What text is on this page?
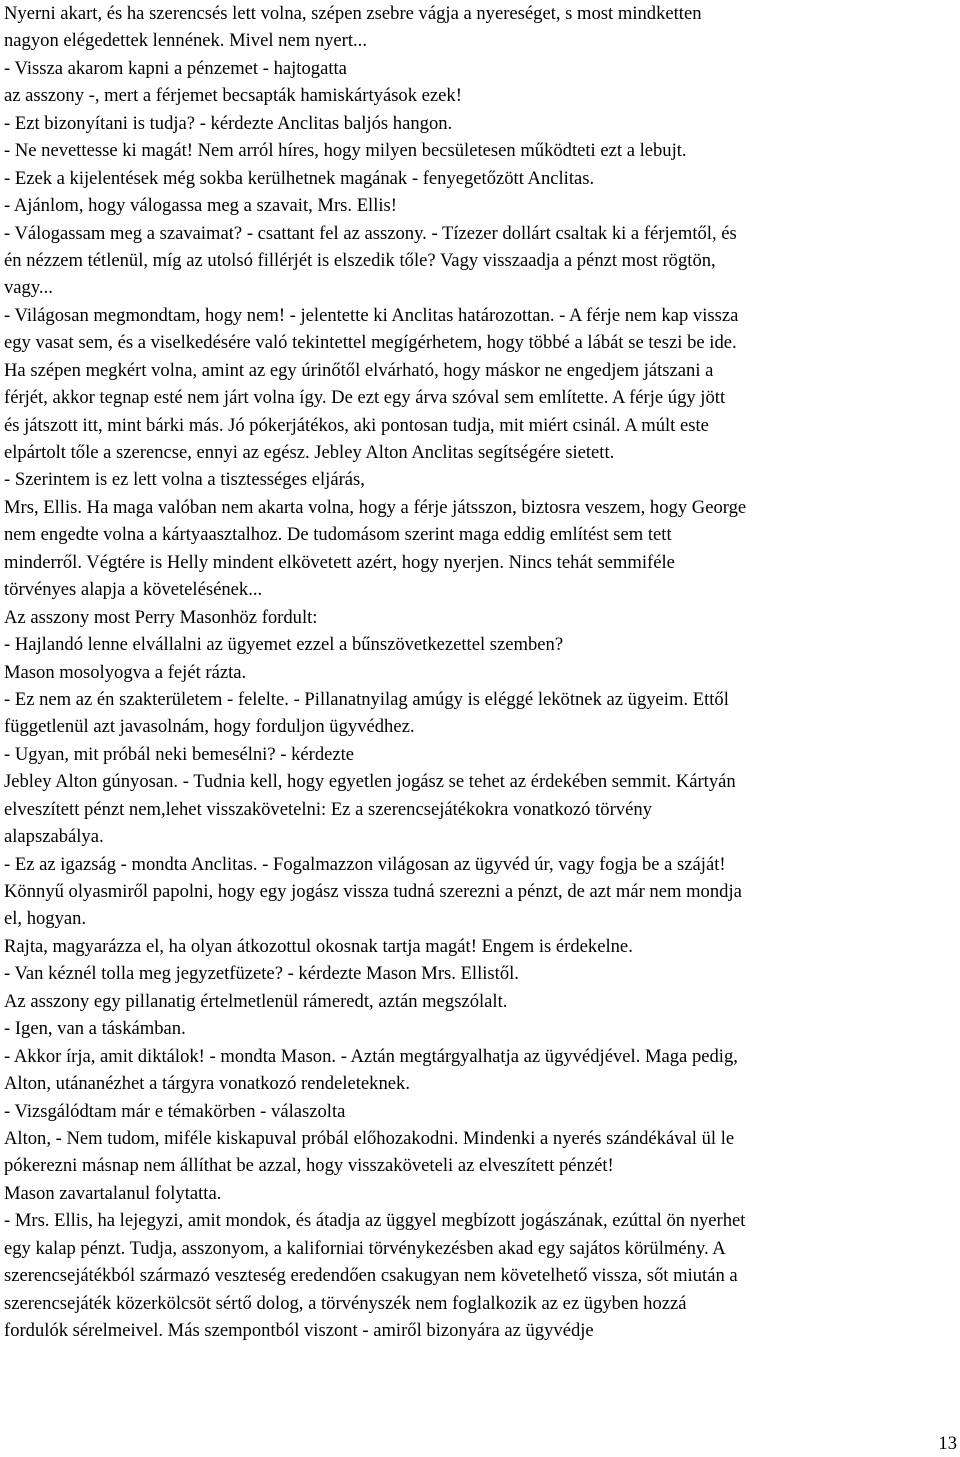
Nyerni akart, és ha szerencsés lett volna, szépen zsebre vágja a nyereséget, s most mindketten
nagyon elégedettek lennének. Mivel nem nyert...
- Vissza akarom kapni a pénzemet - hajtogatta
az asszony -, mert a férjemet becsapták hamiskártyások ezek!
- Ezt bizonyítani is tudja? - kérdezte Anclitas baljós hangon.
- Ne nevettesse ki magát! Nem arról híres, hogy milyen becsületesen működteti ezt a lebujt.
- Ezek a kijelentések még sokba kerülhetnek magának - fenyegetőzött Anclitas.
- Ajánlom, hogy válogassa meg a szavait, Mrs. Ellis!
- Válogassam meg a szavaimat? - csattant fel az asszony. - Tízezer dollárt csaltak ki a férjemtől, és
én nézzem tétlenül, míg az utolsó fillérjét is elszedik tőle? Vagy visszaadja a pénzt most rögtön,
vagy...
- Világosan megmondtam, hogy nem! - jelentette ki Anclitas határozottan. - A férje nem kap vissza
egy vasat sem, és a viselkedésére való tekintettel megígérhetem, hogy többé a lábát se teszi be ide.
Ha szépen megkért volna, amint az egy úrinőtől elvárható, hogy máskor ne engedjem játszani a
férjét, akkor tegnap esté nem járt volna így. De ezt egy árva szóval sem említette. A férje úgy jött
és játszott itt, mint bárki más. Jó pókerjátékos, aki pontosan tudja, mit miért csinál. A múlt este
elpártolt tőle a szerencse, ennyi az egész. Jebley Alton Anclitas segítségére sietett.
- Szerintem is ez lett volna a tisztességes eljárás,
Mrs, Ellis. Ha maga valóban nem akarta volna, hogy a férje játsszon, biztosra veszem, hogy George
nem engedte volna a kártyaasztalhoz. De tudomásom szerint maga eddig említést sem tett
minderről. Végtére is Helly mindent elkövetett azért, hogy nyerjen. Nincs tehát semmiféle
törvényes alapja a követelésének...
Az asszony most Perry Masonhöz fordult:
- Hajlandó lenne elvállalni az ügyemet ezzel a bűnszövetkezettel szemben?
Mason mosolyogva a fejét rázta.
- Ez nem az én szakterületem - felelte. - Pillanatnyilag amúgy is eléggé lekötnek az ügyeim. Ettől
függetlenül azt javasolnám, hogy forduljon ügyvédhez.
- Ugyan, mit próbál neki bemesélni? - kérdezte
Jebley Alton gúnyosan. - Tudnia kell, hogy egyetlen jogász se tehet az érdekében semmit. Kártyán
elveszített pénzt nem,lehet visszakövetelni: Ez a szerencsejátékokra vonatkozó törvény
alapszabálya.
- Ez az igazság - mondta Anclitas. - Fogalmazzon világosan az ügyvéd úr, vagy fogja be a száját!
Könnyű olyasmiről papolni, hogy egy jogász vissza tudná szerezni a pénzt, de azt már nem mondja
el, hogyan.
Rajta, magyarázza el, ha olyan átkozottul okosnak tartja magát! Engem is érdekelne.
- Van kéznél tolla meg jegyzetfüzete? - kérdezte Mason Mrs. Ellistől.
Az asszony egy pillanatig értelmetlenül rámeredt, aztán megszólalt.
- Igen, van a táskámban.
- Akkor írja, amit diktálok! - mondta Mason. - Aztán megtárgyalhatja az ügyvédjével. Maga pedig,
Alton, utánanézhet a tárgyra vonatkozó rendeleteknek.
- Vizsgálódtam már e témakörben - válaszolta
Alton, - Nem tudom, miféle kiskapuval próbál előhozakodni. Mindenki a nyerés szándékával ül le
pókerezni másnap nem állíthat be azzal, hogy visszaköveteli az elveszített pénzét!
Mason zavartalanul folytatta.
- Mrs. Ellis, ha lejegyzi, amit mondok, és átadja az üggyel megbízott jogászának, ezúttal ön nyerhet
egy kalap pénzt. Tudja, asszonyom, a kaliforniai törvénykezésben akad egy sajátos körülmény. A
szerencsejátékból származó veszteség eredendően csakugyan nem követelhető vissza, sőt miután a
szerencsejáték közerkölcsöt sértő dolog, a törvényszék nem foglalkozik az ez ügyben hozzá
fordulók sérelmeivel. Más szempontból viszont - amiről bizonyára az ügyvédje
13
